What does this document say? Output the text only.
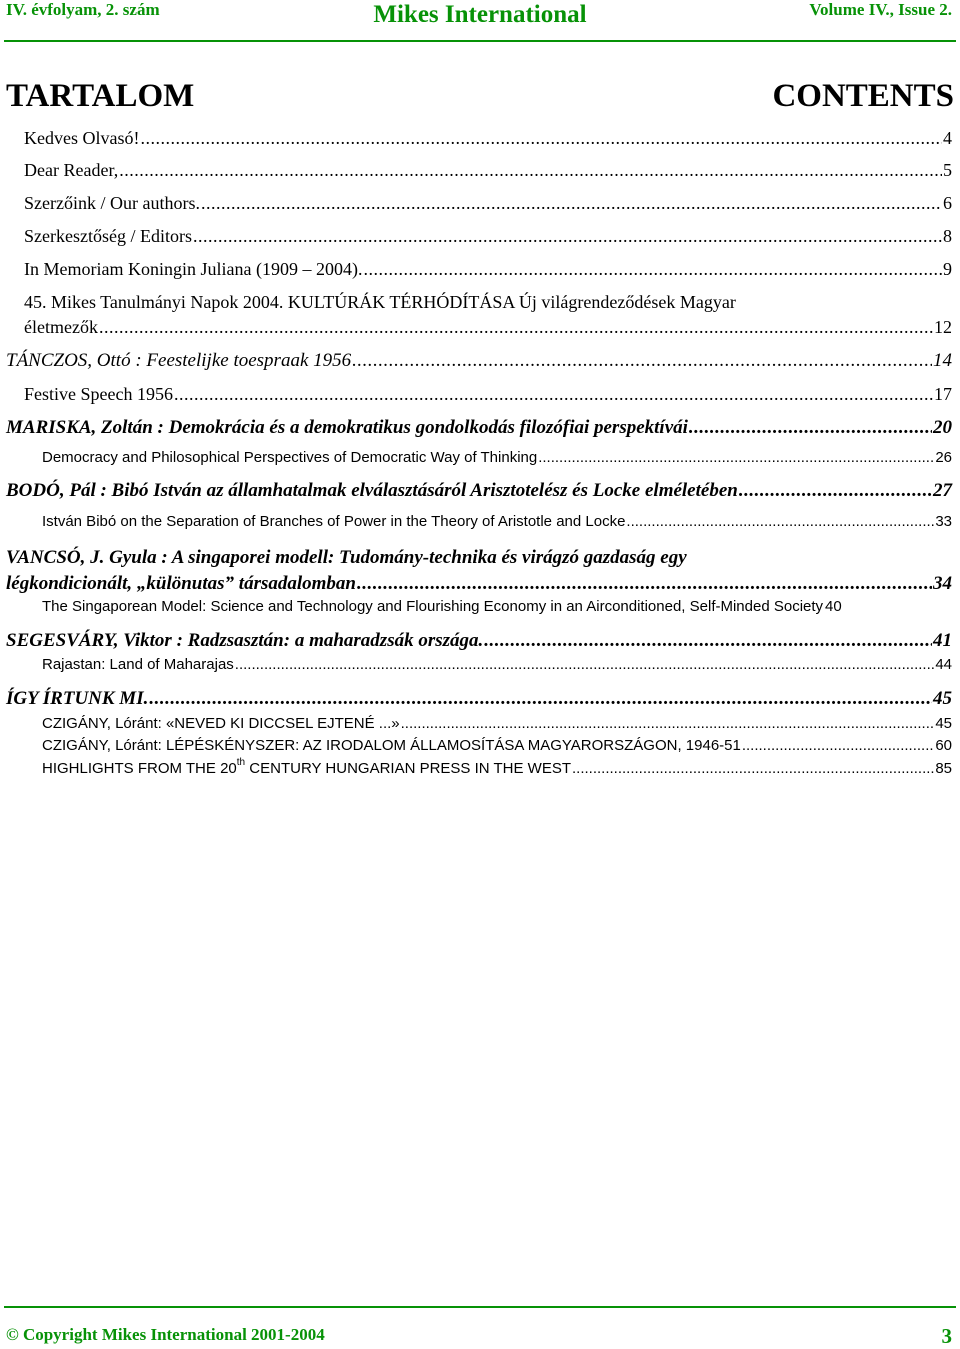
IV. évfolyam, 2. szám	Mikes International	Volume IV., Issue 2.
TARTALOM	CONTENTS
Kedves Olvasó! .....	4
Dear Reader, .....	5
Szerzőink / Our authors. .....	6
Szerkesztőség / Editors .....	8
In Memoriam Koningin Juliana (1909 – 2004). .....	9
45. Mikes Tanulmányi Napok 2004. KULTÚRÁK TÉRHÓDÍTÁSA Új világrendeződések Magyar
életmezők .....	12
TÁNCZOS, Ottó : Feestelijke toespraak 1956 .....	14
Festive Speech 1956 .....	17
MARISKA, Zoltán : Demokrácia és a demokratikus gondolkodás filozófiai perspektívái .....	20
Democracy and Philosophical Perspectives of Democratic Way of Thinking .....	26
BODÓ, Pál : Bibó István az államhatalmak elválasztásáról Arisztotelész és Locke elméletében .....	27
István Bibó on the Separation of Branches of Power in the Theory of Aristotle and Locke .....	33
VANCSÓ, J. Gyula : A singaporei modell: Tudomány-technika és virágzó gazdaság egy
légkondicionált, „különutas” társadalomban .....	34
The Singaporean Model: Science and Technology and Flourishing Economy in an Airconditioned, Self-Minded Society 40
SEGESVÁRY, Viktor : Radzsasztán: a maharadzsák országa. .....	41
Rajastan: Land of Maharajas .....	44
ÍGY ÍRTUNK MI. .....	45
CZIGÁNY, Lóránt: «NEVED KI DICCSEL EJTENÉ ...» .....	45
CZIGÁNY, Lóránt: LÉPÉSKÉNYSZER: AZ IRODALOM ÁLLAMOSÍTÁSA MAGYARORSZÁGON, 1946-51 .....	60
HIGHLIGHTS FROM THE 20th CENTURY HUNGARIAN PRESS IN THE WEST .....	85
© Copyright Mikes International 2001-2004	3
